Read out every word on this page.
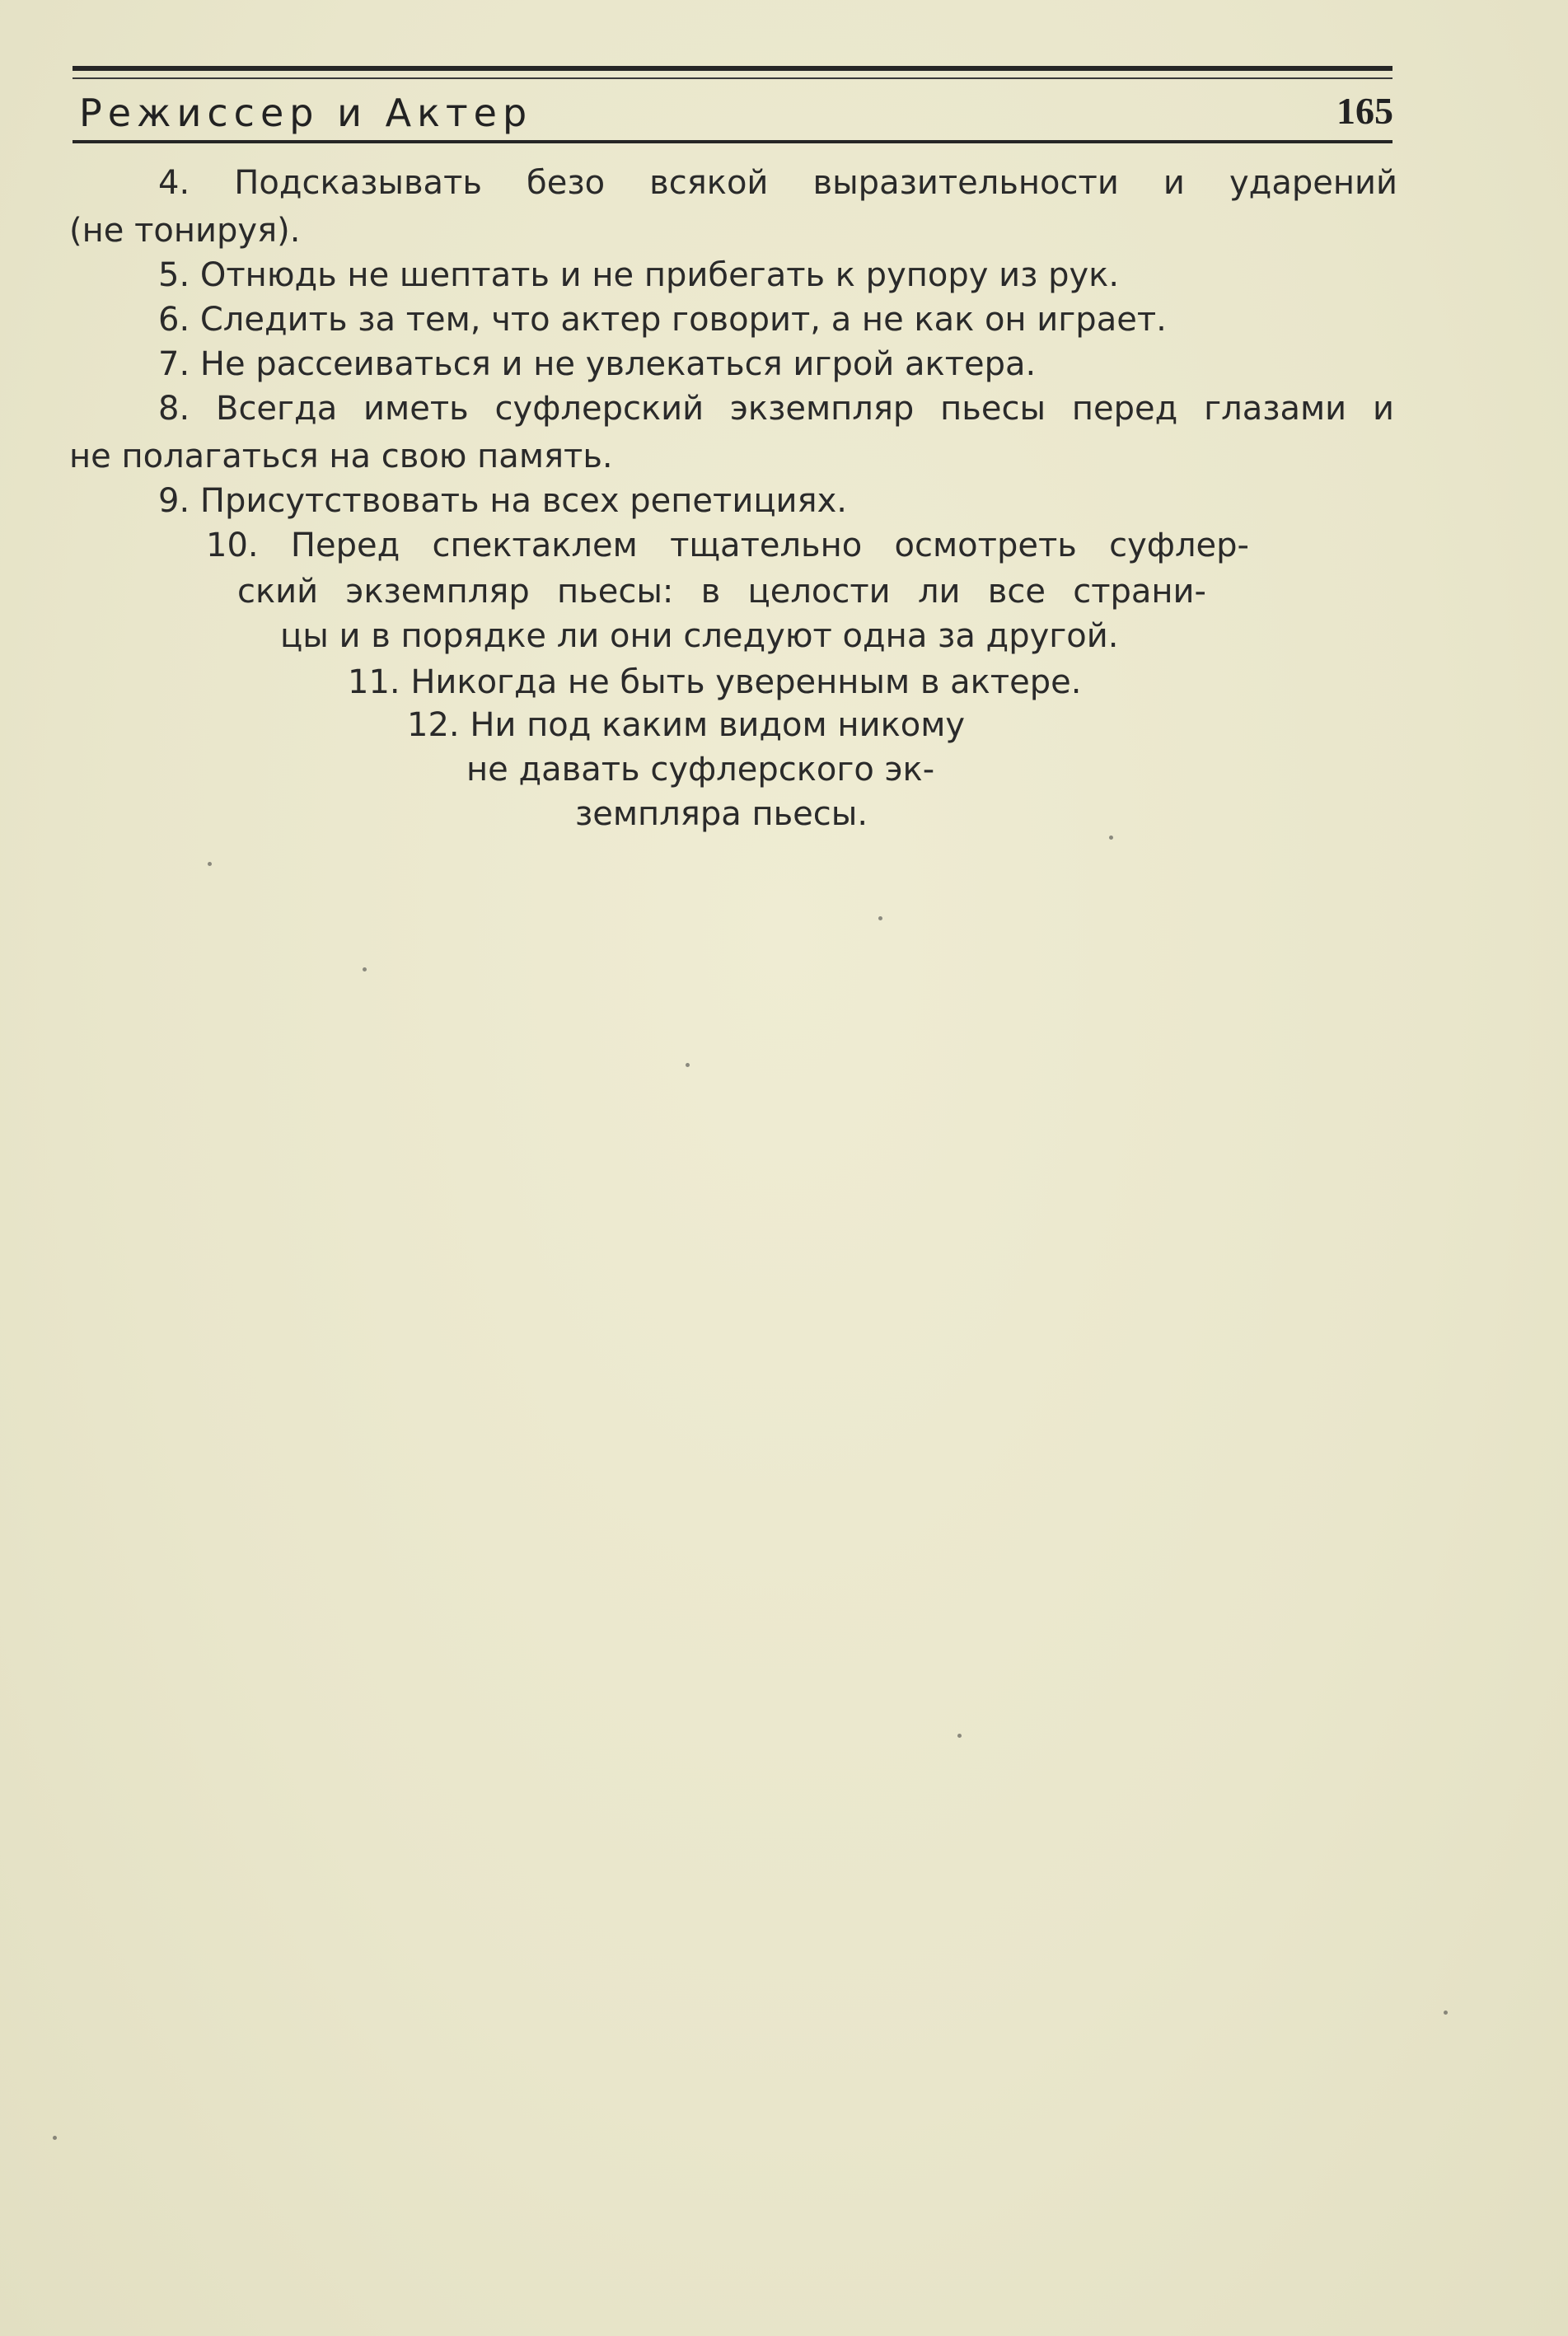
Режиссер и Актер	165
4. Подсказывать безо всякой выразительности и ударений
(не тонируя).
5. Отнюдь не шептать и не прибегать к рупору из рук.
6. Следить за тем, что актер говорит, а не как он играет.
7. Не рассеиваться и не увлекаться игрой актера.
8. Всегда иметь суфлерский экземпляр пьесы перед глазами и
не полагаться на свою память.
9. Присутствовать на всех репетициях.
10. Перед спектаклем тщательно осмотреть суфлер-
ский экземпляр пьесы: в целости ли все страни-
цы и в порядке ли они следуют одна за другой.
11. Никогда не быть уверенным в актере.
12. Ни под каким видом никому
не давать суфлерского эк-
земпляра пьесы.
